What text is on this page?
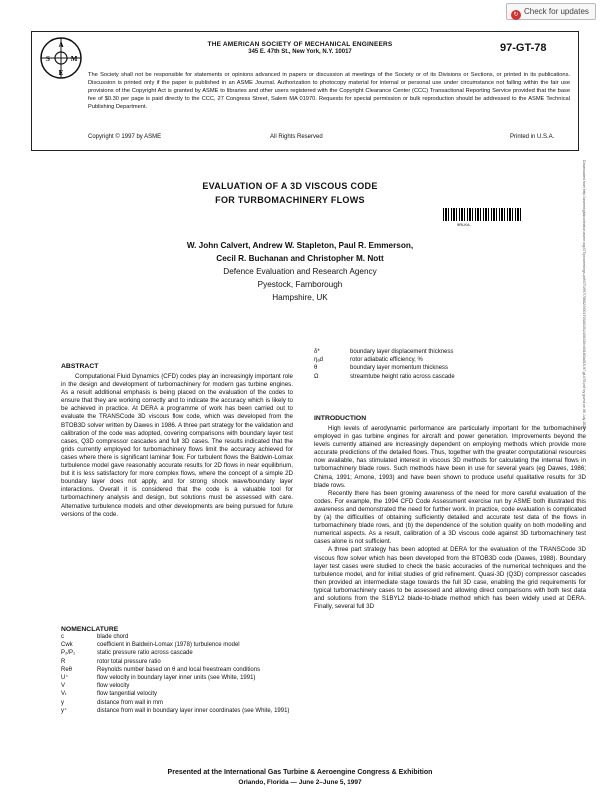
↻ Check for updates
A
S	M
E
THE AMERICAN SOCIETY OF MECHANICAL ENGINEERS
345 E. 47th St., New York, N.Y. 10017	97-GT-78
The Society shall not be responsible for statements or opinions advanced in papers or discussion at meetings of the Society or of its Divisions or Sections, or printed in its publications. Discussion is printed only if the paper is published in an ASME Journal. Authorization to photocopy material for internal or personal use under circumstance not falling within the fair use provisions of the Copyright Act is granted by ASME to libraries and other users registered with the Copyright Clearance Center (CCC) Transactional Reporting Service provided that the base fee of $0.30 per page is paid directly to the CCC, 27 Congress Street, Salem MA 01970. Requests for special permission or bulk reproduction should be addressed to the ASME Technical Publishing Department.
Copyright © 1997 by ASME	All Rights Reserved	Printed in U.S.A.
Downloaded from http://asmedigitalcollection.asme.org/GT/proceedings-pdf/GT1997/78682/V001T03A015/2408430/v001t03a015-97-gt-078.pdf by guest on 06 July 2020
EVALUATION OF A 3D VISCOUS CODE
FOR TURBOMACHINERY FLOWS
9RLK•L
W. John Calvert, Andrew W. Stapleton, Paul R. Emmerson,
Cecil R. Buchanan and Christopher M. Nott
Defence Evaluation and Research Agency
Pyestock, Farnborough
Hampshire, UK
ABSTRACT

Computational Fluid Dynamics (CFD) codes play an increasingly important role in the design and development of turbomachinery for modern gas turbine engines. As a result additional emphasis is being placed on the evaluation of the codes to ensure that they are working correctly and to indicate the accuracy which is likely to be achieved in practice. At DERA a programme of work has been carried out to evaluate the TRANSCode 3D viscous flow code, which was developed from the BTOB3D solver written by Dawes in 1986. A three part strategy for the validation and calibration of the code was adopted, covering comparisons with boundary layer test cases, Q3D compressor cascades and full 3D cases. The results indicated that the grids currently employed for turbomachinery flows limit the accuracy achieved for cases where there is significant laminar flow. For turbulent flows the Baldwin-Lomax turbulence model gave reasonably accurate results for 2D flows in near equilibrium, but it is less satisfactory for more complex flows, where the concept of a simple 2D boundary layer does not apply, and for strong shock wave/boundary layer interactions. Overall it is considered that the code is a valuable tool for turbomachinery analysis and design, but solutions must be assessed with care. Alternative turbulence models and other developments are being pursued for future versions of the code.

NOMENCLATURE
c	blade chord
Cwk	coefficient in Baldwin-Lomax (1978) turbulence model
P₂/P₁	static pressure ratio across cascade
R	rotor total pressure ratio
Reθ	Reynolds number based on θ and local freestream conditions
U⁺	flow velocity in boundary layer inner units (see White, 1991)
V	flow velocity
Vₜ	flow tangential velocity
y	distance from wall in mm
y⁺	distance from wall in boundary layer inner coordinates (see White, 1991)
δ*	boundary layer displacement thickness
ηₐd	rotor adiabatic efficiency, %
θ	boundary layer momentum thickness
Ω	streamtube height ratio across cascade
INTRODUCTION

High levels of aerodynamic performance are particularly important for the turbomachinery employed in gas turbine engines for aircraft and power generation. Improvements beyond the levels currently attained are increasingly dependent on employing methods which provide more accurate predictions of the detailed flows. Thus, together with the greater computational resources now available, has stimulated interest in viscous 3D methods for calculating the internal flows in turbomachinery blade rows. Such methods have been in use for several years (eg Dawes, 1986; Chima, 1991; Arnone, 1993) and have been shown to produce useful qualitative results for 3D blade rows.

Recently there has been growing awareness of the need for more careful evaluation of the codes. For example, the 1994 CFD Code Assessment exercise run by ASME both illustrated this awareness and demonstrated the need for further work. In practice, code evaluation is complicated by (a) the difficulties of obtaining sufficiently detailed and accurate test data of the flows in turbomachinery blade rows, and (b) the dependence of the solution quality on both modelling and numerical aspects. As a result, calibration of a 3D viscous code against 3D turbomachinery test cases alone is not sufficient.

A three part strategy has been adopted at DERA for the evaluation of the TRANSCode 3D viscous flow solver which has been developed from the BTOB3D code (Dawes, 1988). Boundary layer test cases were studied to check the basic accuracies of the numerical techniques and the turbulence model, and for initial studies of grid refinement. Quasi-3D (Q3D) compressor cascades then provided an intermediate stage towards the full 3D case, enabling the grid requirements for typical turbomachinery cases to be assessed and allowing direct comparisons with both test data and solutions from the S1BYL2 blade-to-blade method which has been widely used at DERA. Finally, several full 3D

Presented at the International Gas Turbine & Aeroengine Congress & Exhibition
Orlando, Florida — June 2–June 5, 1997
